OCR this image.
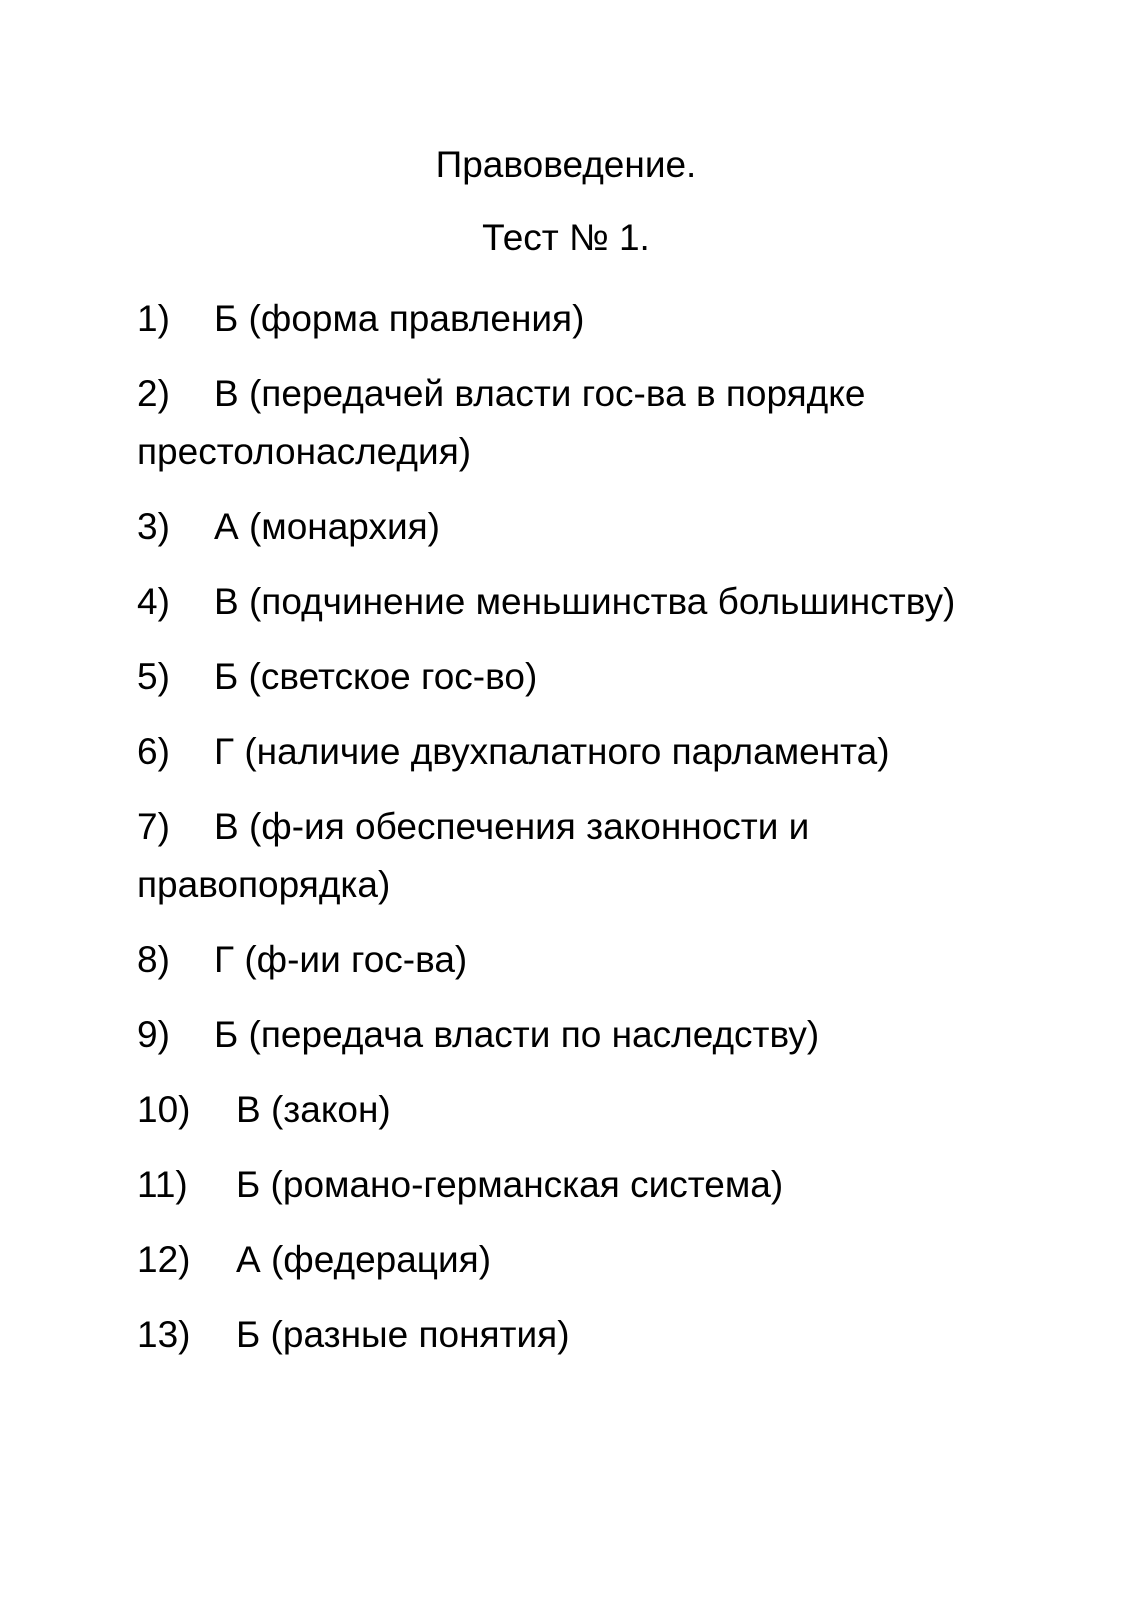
Правоведение.
Тест № 1.
1) Б (форма правления)
2) В (передачей власти гос-ва в порядке престолонаследия)
3) А (монархия)
4) В (подчинение меньшинства большинству)
5) Б (светское гос-во)
6) Г (наличие двухпалатного парламента)
7) В (ф-ия обеспечения законности и правопорядка)
8) Г (ф-ии гос-ва)
9) Б (передача власти по наследству)
10) В (закон)
11) Б (романо-германская система)
12) А (федерация)
13) Б (разные понятия)
